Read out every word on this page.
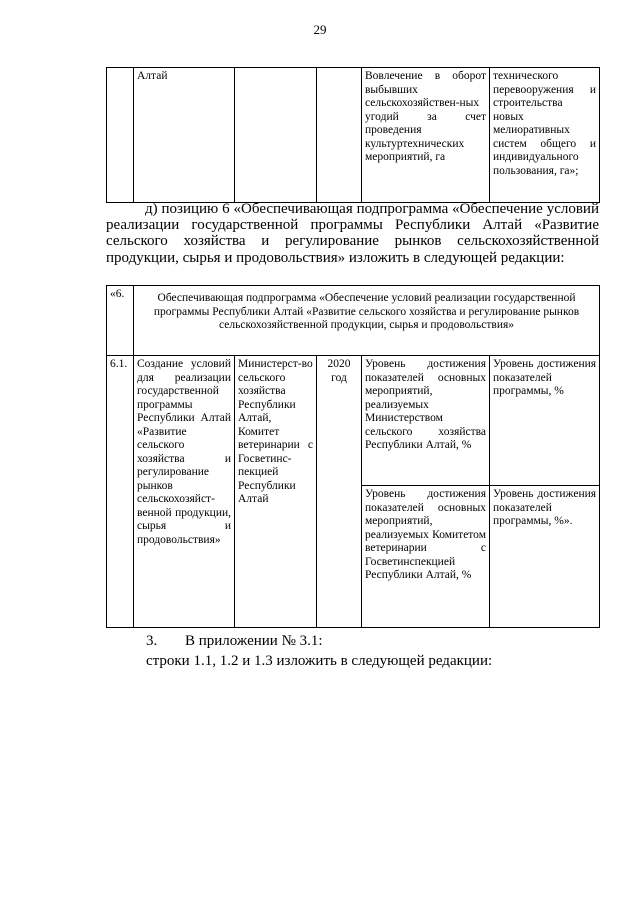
29
	Алтай			Вовлечение в оборот выбывших сельскохозяйствен-ных угодий за счет проведения культуртехнических мероприятий, га	технического перевооружения и строительства новых мелиоративных систем общего и индивидуального пользования, га»;
д) позицию 6 «Обеспечивающая подпрограмма «Обеспечение условий реализации государственной программы Республики Алтай «Развитие сельского хозяйства и регулирование рынков сельскохозяйственной продукции, сырья и продовольствия» изложить в следующей редакции:
«6.	Обеспечивающая подпрограмма «Обеспечение условий реализации государственной программы Республики Алтай «Развитие сельского хозяйства и регулирование рынков сельскохозяйственной продукции, сырья и продовольствия»				
6.1.	Создание условий для реализации государственной программы Республики Алтай «Развитие сельского хозяйства и регулирование рынков сельскохозяйст-венной продукции, сырья и продовольствия»	Министерст-во сельского хозяйства Республики Алтай, Комитет ветеринарии с Госветинс-пекцией Республики Алтай	2020 год	Уровень достижения показателей основных мероприятий, реализуемых Министерством сельского хозяйства Республики Алтай, %	Уровень достижения показателей программы, %
				Уровень достижения показателей основных мероприятий, реализуемых Комитетом ветеринарии с Госветинспекцией Республики Алтай, %	Уровень достижения показателей программы, %».
3. В приложении № 3.1:
строки 1.1, 1.2 и 1.3 изложить в следующей редакции:
